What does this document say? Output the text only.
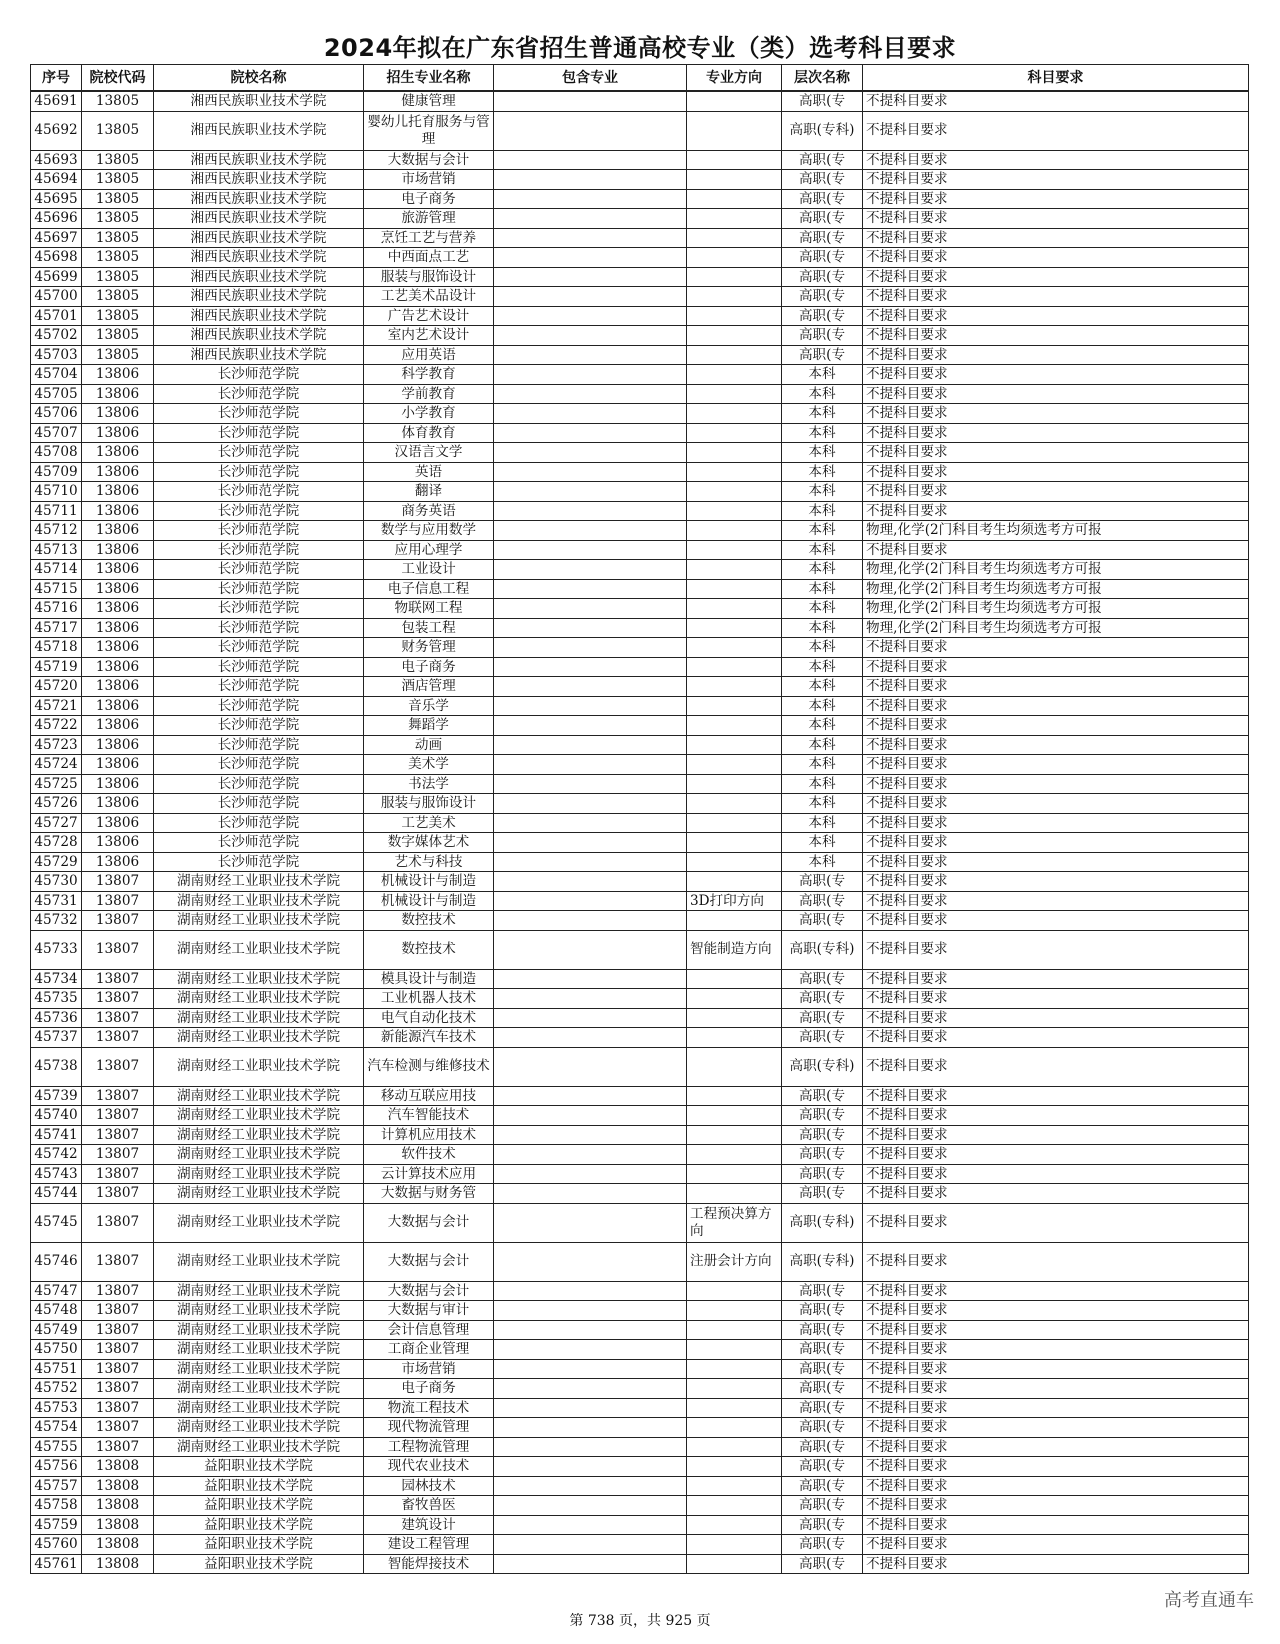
2024年拟在广东省招生普通高校专业（类）选考科目要求
序号	院校代码	院校名称	招生专业名称	包含专业	专业方向	层次名称	科目要求
45691	13805	湘西民族职业技术学院	健康管理			高职(专	不提科目要求
45692	13805	湘西民族职业技术学院	婴幼儿托育服务与管理			高职(专科)	不提科目要求
45693	13805	湘西民族职业技术学院	大数据与会计			高职(专	不提科目要求
45694	13805	湘西民族职业技术学院	市场营销			高职(专	不提科目要求
45695	13805	湘西民族职业技术学院	电子商务			高职(专	不提科目要求
45696	13805	湘西民族职业技术学院	旅游管理			高职(专	不提科目要求
45697	13805	湘西民族职业技术学院	烹饪工艺与营养			高职(专	不提科目要求
45698	13805	湘西民族职业技术学院	中西面点工艺			高职(专	不提科目要求
45699	13805	湘西民族职业技术学院	服装与服饰设计			高职(专	不提科目要求
45700	13805	湘西民族职业技术学院	工艺美术品设计			高职(专	不提科目要求
45701	13805	湘西民族职业技术学院	广告艺术设计			高职(专	不提科目要求
45702	13805	湘西民族职业技术学院	室内艺术设计			高职(专	不提科目要求
45703	13805	湘西民族职业技术学院	应用英语			高职(专	不提科目要求
45704	13806	长沙师范学院	科学教育			本科	不提科目要求
45705	13806	长沙师范学院	学前教育			本科	不提科目要求
45706	13806	长沙师范学院	小学教育			本科	不提科目要求
45707	13806	长沙师范学院	体育教育			本科	不提科目要求
45708	13806	长沙师范学院	汉语言文学			本科	不提科目要求
45709	13806	长沙师范学院	英语			本科	不提科目要求
45710	13806	长沙师范学院	翻译			本科	不提科目要求
45711	13806	长沙师范学院	商务英语			本科	不提科目要求
45712	13806	长沙师范学院	数学与应用数学			本科	物理,化学(2门科目考生均须选考方可报
45713	13806	长沙师范学院	应用心理学			本科	不提科目要求
45714	13806	长沙师范学院	工业设计			本科	物理,化学(2门科目考生均须选考方可报
45715	13806	长沙师范学院	电子信息工程			本科	物理,化学(2门科目考生均须选考方可报
45716	13806	长沙师范学院	物联网工程			本科	物理,化学(2门科目考生均须选考方可报
45717	13806	长沙师范学院	包装工程			本科	物理,化学(2门科目考生均须选考方可报
45718	13806	长沙师范学院	财务管理			本科	不提科目要求
45719	13806	长沙师范学院	电子商务			本科	不提科目要求
45720	13806	长沙师范学院	酒店管理			本科	不提科目要求
45721	13806	长沙师范学院	音乐学			本科	不提科目要求
45722	13806	长沙师范学院	舞蹈学			本科	不提科目要求
45723	13806	长沙师范学院	动画			本科	不提科目要求
45724	13806	长沙师范学院	美术学			本科	不提科目要求
45725	13806	长沙师范学院	书法学			本科	不提科目要求
45726	13806	长沙师范学院	服装与服饰设计			本科	不提科目要求
45727	13806	长沙师范学院	工艺美术			本科	不提科目要求
45728	13806	长沙师范学院	数字媒体艺术			本科	不提科目要求
45729	13806	长沙师范学院	艺术与科技			本科	不提科目要求
45730	13807	湖南财经工业职业技术学院	机械设计与制造			高职(专	不提科目要求
45731	13807	湖南财经工业职业技术学院	机械设计与制造		3D打印方向	高职(专	不提科目要求
45732	13807	湖南财经工业职业技术学院	数控技术			高职(专	不提科目要求
45733	13807	湖南财经工业职业技术学院	数控技术		智能制造方向	高职(专科)	不提科目要求
45734	13807	湖南财经工业职业技术学院	模具设计与制造			高职(专	不提科目要求
45735	13807	湖南财经工业职业技术学院	工业机器人技术			高职(专	不提科目要求
45736	13807	湖南财经工业职业技术学院	电气自动化技术			高职(专	不提科目要求
45737	13807	湖南财经工业职业技术学院	新能源汽车技术			高职(专	不提科目要求
45738	13807	湖南财经工业职业技术学院	汽车检测与维修技术			高职(专科)	不提科目要求
45739	13807	湖南财经工业职业技术学院	移动互联应用技			高职(专	不提科目要求
45740	13807	湖南财经工业职业技术学院	汽车智能技术			高职(专	不提科目要求
45741	13807	湖南财经工业职业技术学院	计算机应用技术			高职(专	不提科目要求
45742	13807	湖南财经工业职业技术学院	软件技术			高职(专	不提科目要求
45743	13807	湖南财经工业职业技术学院	云计算技术应用			高职(专	不提科目要求
45744	13807	湖南财经工业职业技术学院	大数据与财务管			高职(专	不提科目要求
45745	13807	湖南财经工业职业技术学院	大数据与会计		工程预决算方向	高职(专科)	不提科目要求
45746	13807	湖南财经工业职业技术学院	大数据与会计		注册会计方向	高职(专科)	不提科目要求
45747	13807	湖南财经工业职业技术学院	大数据与会计			高职(专	不提科目要求
45748	13807	湖南财经工业职业技术学院	大数据与审计			高职(专	不提科目要求
45749	13807	湖南财经工业职业技术学院	会计信息管理			高职(专	不提科目要求
45750	13807	湖南财经工业职业技术学院	工商企业管理			高职(专	不提科目要求
45751	13807	湖南财经工业职业技术学院	市场营销			高职(专	不提科目要求
45752	13807	湖南财经工业职业技术学院	电子商务			高职(专	不提科目要求
45753	13807	湖南财经工业职业技术学院	物流工程技术			高职(专	不提科目要求
45754	13807	湖南财经工业职业技术学院	现代物流管理			高职(专	不提科目要求
45755	13807	湖南财经工业职业技术学院	工程物流管理			高职(专	不提科目要求
45756	13808	益阳职业技术学院	现代农业技术			高职(专	不提科目要求
45757	13808	益阳职业技术学院	园林技术			高职(专	不提科目要求
45758	13808	益阳职业技术学院	畜牧兽医			高职(专	不提科目要求
45759	13808	益阳职业技术学院	建筑设计			高职(专	不提科目要求
45760	13808	益阳职业技术学院	建设工程管理			高职(专	不提科目要求
45761	13808	益阳职业技术学院	智能焊接技术			高职(专	不提科目要求
第 738 页，共 925 页
高考直通车
